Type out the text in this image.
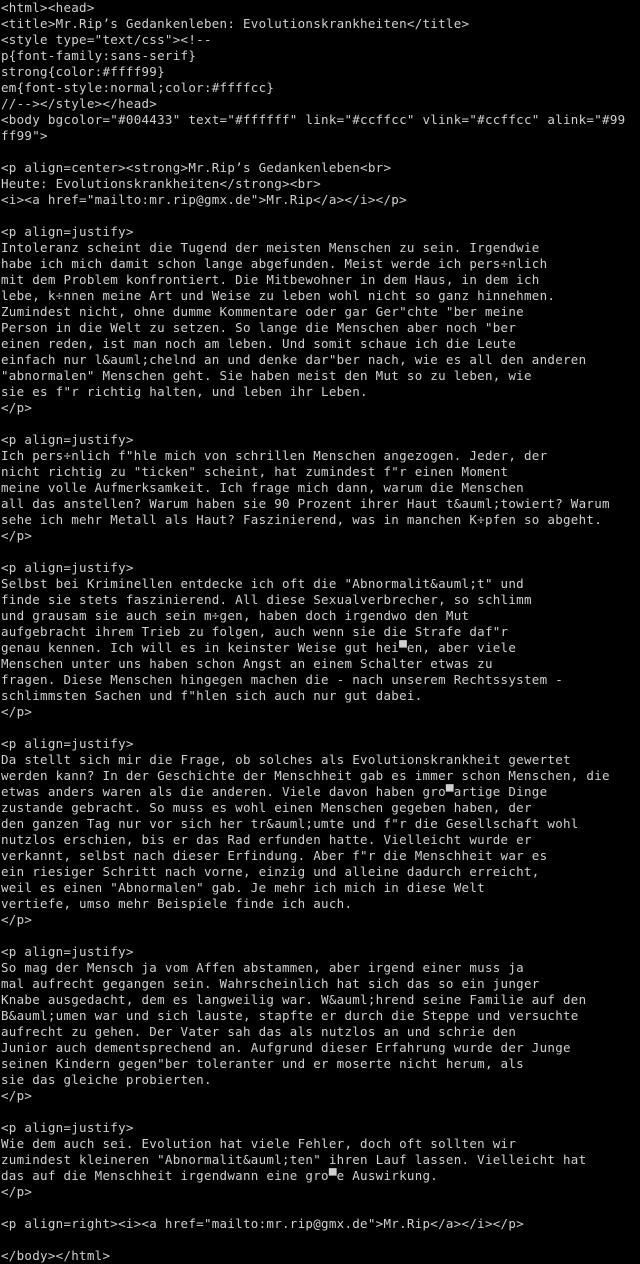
<html><head>
<title>Mr.Rip’s Gedankenleben: Evolutionskrankheiten</title>
<style type="text/css"><!--
p{font-family:sans-serif}
strong{color:#ffff99}
em{font-style:normal;color:#ffffcc}
//--></style></head>
<body bgcolor="#004433" text="#ffffff" link="#ccffcc" vlink="#ccffcc" alink="#99
ff99">
<p align=center><strong>Mr.Rip’s Gedankenleben<br>
Heute: Evolutionskrankheiten</strong><br>
<i><a href="mailto:mr.rip@gmx.de">Mr.Rip</a></i></p>
<p align=justify>
Intoleranz scheint die Tugend der meisten Menschen zu sein. Irgendwie
habe ich mich damit schon lange abgefunden. Meist werde ich pers÷nlich
mit dem Problem konfrontiert. Die Mitbewohner in dem Haus, in dem ich
lebe, k÷nnen meine Art und Weise zu leben wohl nicht so ganz hinnehmen.
Zumindest nicht, ohne dumme Kommentare oder gar Ger"chte "ber meine
Person in die Welt zu setzen. So lange die Menschen aber noch "ber
einen reden, ist man noch am leben. Und somit schaue ich die Leute
einfach nur l&auml;chelnd an und denke dar"ber nach, wie es all den anderen
"abnormalen" Menschen geht. Sie haben meist den Mut so zu leben, wie
sie es f"r richtig halten, und leben ihr Leben.
</p>
<p align=justify>
Ich pers÷nlich f"hle mich von schrillen Menschen angezogen. Jeder, der
nicht richtig zu "ticken" scheint, hat zumindest f"r einen Moment
meine volle Aufmerksamkeit. Ich frage mich dann, warum die Menschen
all das anstellen? Warum haben sie 90 Prozent ihrer Haut t&auml;towiert? Warum
sehe ich mehr Metall als Haut? Faszinierend, was in manchen K÷pfen so abgeht.
</p>
<p align=justify>
Selbst bei Kriminellen entdecke ich oft die "Abnormalit&auml;t" und
finde sie stets faszinierend. All diese Sexualverbrecher, so schlimm
und grausam sie auch sein m÷gen, haben doch irgendwo den Mut
aufgebracht ihrem Trieb zu folgen, auch wenn sie die Strafe daf"r
genau kennen. Ich will es in keinster Weise gut hei▀en, aber viele
Menschen unter uns haben schon Angst an einem Schalter etwas zu
fragen. Diese Menschen hingegen machen die - nach unserem Rechtssystem -
schlimmsten Sachen und f"hlen sich auch nur gut dabei.
</p>
<p align=justify>
Da stellt sich mir die Frage, ob solches als Evolutionskrankheit gewertet
werden kann? In der Geschichte der Menschheit gab es immer schon Menschen, die
etwas anders waren als die anderen. Viele davon haben gro▀artige Dinge
zustande gebracht. So muss es wohl einen Menschen gegeben haben, der
den ganzen Tag nur vor sich her tr&auml;umte und f"r die Gesellschaft wohl
nutzlos erschien, bis er das Rad erfunden hatte. Vielleicht wurde er
verkannt, selbst nach dieser Erfindung. Aber f"r die Menschheit war es
ein riesiger Schritt nach vorne, einzig und alleine dadurch erreicht,
weil es einen "Abnormalen" gab. Je mehr ich mich in diese Welt
vertiefe, umso mehr Beispiele finde ich auch.
</p>
<p align=justify>
So mag der Mensch ja vom Affen abstammen, aber irgend einer muss ja
mal aufrecht gegangen sein. Wahrscheinlich hat sich das so ein junger
Knabe ausgedacht, dem es langweilig war. W&auml;hrend seine Familie auf den
B&auml;umen war und sich lauste, stapfte er durch die Steppe und versuchte
aufrecht zu gehen. Der Vater sah das als nutzlos an und schrie den
Junior auch dementsprechend an. Aufgrund dieser Erfahrung wurde der Junge
seinen Kindern gegen"ber toleranter und er moserte nicht herum, als
sie das gleiche probierten.
</p>
<p align=justify>
Wie dem auch sei. Evolution hat viele Fehler, doch oft sollten wir
zumindest kleineren "Abnormalit&auml;ten" ihren Lauf lassen. Vielleicht hat
das auf die Menschheit irgendwann eine gro▀e Auswirkung.
</p>
<p align=right><i><a href="mailto:mr.rip@gmx.de">Mr.Rip</a></i></p>
</body></html>
